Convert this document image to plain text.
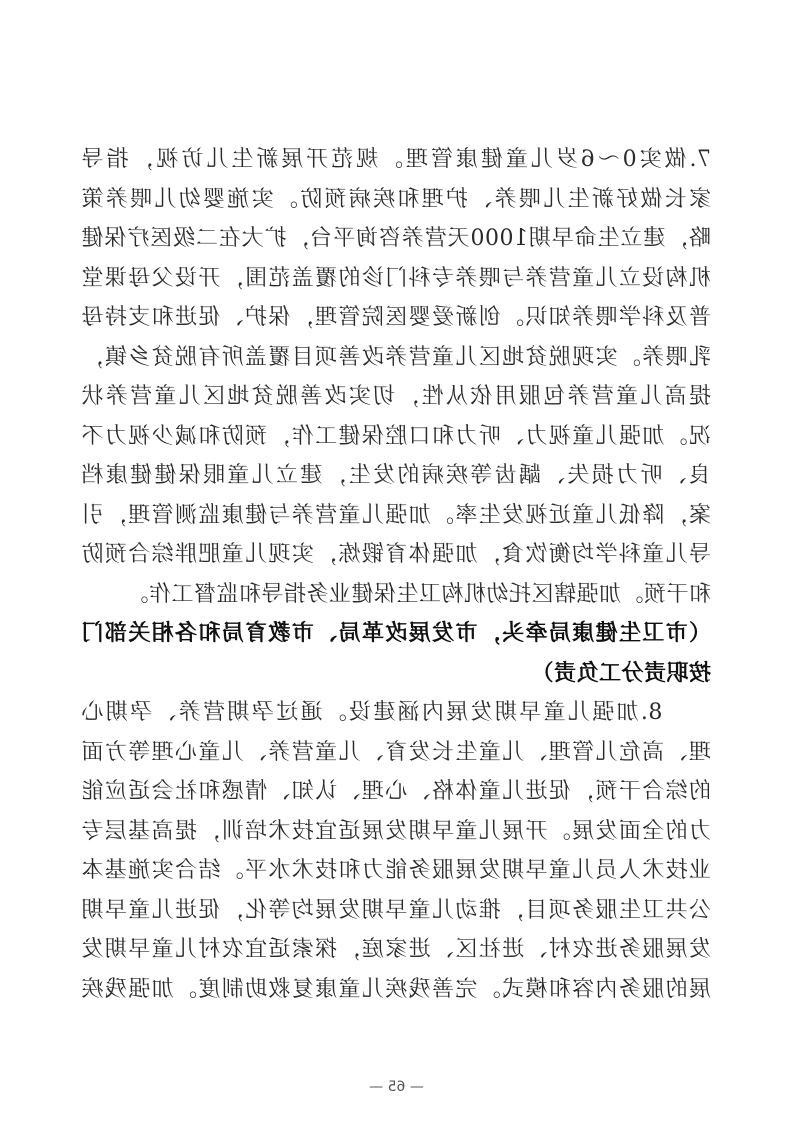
7.做实0～6岁儿童健康管理。规范开展新生儿访视，指导
家长做好新生儿喂养、护理和疾病预防。实施婴幼儿喂养策
略，建立生命早期1000天营养咨询平台，扩大在二级医疗保健
机构设立儿童营养与喂养专科门诊的覆盖范围，开设父母课堂
普及科学喂养知识。创新爱婴医院管理，保护、促进和支持母
乳喂养。实现脱贫地区儿童营养改善项目覆盖所有脱贫乡镇，
提高儿童营养包服用依从性，切实改善脱贫地区儿童营养状
况。加强儿童视力、听力和口腔保健工作，预防和减少视力不
良、听力损失、龋齿等疾病的发生，建立儿童眼保健健康档
案，降低儿童近视发生率。加强儿童营养与健康监测管理，引
导儿童科学均衡饮食，加强体育锻炼，实现儿童肥胖综合预防
和干预。加强辖区托幼机构卫生保健业务指导和监督工作。
（市卫生健康局牵头，市发展改革局、市教育局和各相关部门
按职责分工负责）
　　8.加强儿童早期发展内涵建设。通过孕期营养、孕期心
理、高危儿管理、儿童生长发育、儿童营养、儿童心理等方面
的综合干预，促进儿童体格、心理、认知、情感和社会适应能
力的全面发展。开展儿童早期发展适宜技术培训，提高基层专
业技术人员儿童早期发展服务能力和技术水平。结合实施基本
公共卫生服务项目，推动儿童早期发展均等化，促进儿童早期
发展服务进农村、进社区、进家庭，探索适宜农村儿童早期发
展的服务内容和模式。完善残疾儿童康复救助制度。加强残疾
— 65 —
